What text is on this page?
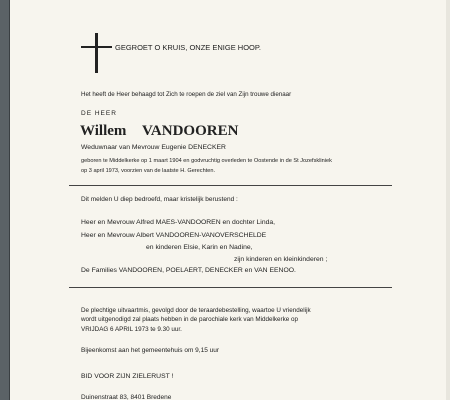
GEGROET O KRUIS, ONZE ENIGE HOOP.
Het heeft de Heer behaagd tot Zich te roepen de ziel van Zijn trouwe dienaar
DE HEER
Willem VANDOOREN
Weduwnaar van Mevrouw Eugenie DENECKER
geboren te Middelkerke op 1 maart 1904 en godvruchtig overleden te Oostende in de St Jozefskliniek
op 3 april 1973, voorzien van de laatste H. Gerechten.
Dit melden U diep bedroefd, maar kristelijk berustend :
Heer en Mevrouw Alfred MAES-VANDOOREN en dochter Linda,
Heer en Mevrouw Albert VANDOOREN-VANOVERSCHELDE
en kinderen Elsie, Karin en Nadine,
zijn kinderen en kleinkinderen ;
De Families VANDOOREN, POELAERT, DENECKER en VAN EENOO.
De plechtige uitvaartmis, gevolgd door de teraardebestelling, waartoe U vriendelijk
wordt uitgenodigd zal plaats hebben in de parochiale kerk van Middelkerke op
VRIJDAG 6 APRIL 1973 te 9.30 uur.
Bijeenkomst aan het gemeentehuis om 9,15 uur
BID VOOR ZIJN ZIELERUST !
Duinenstraat 83, 8401 Bredene
